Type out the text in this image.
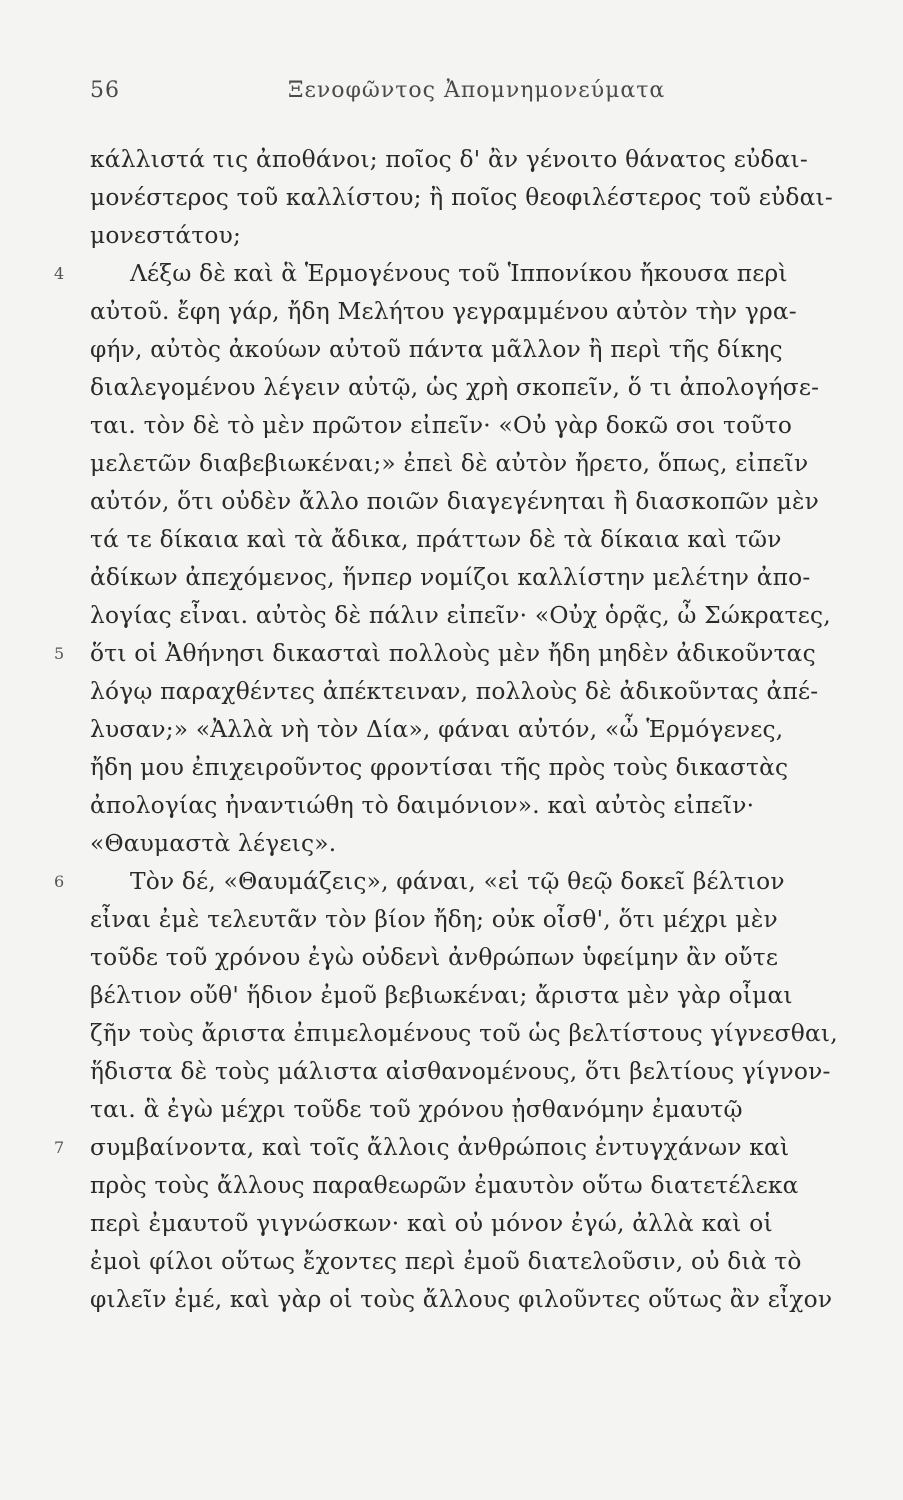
56	Ξενοφῶντος Ἀπομνημονεύματα
4
5
6
7
κάλλιστά τις ἀποθάνοι; ποῖος δ' ἂν γένοιτο θάνατος εὐδαι-
μονέστερος τοῦ καλλίστου; ἢ ποῖος θεοφιλέστερος τοῦ εὐδαι-
μονεστάτου;
Λέξω δὲ καὶ ἃ Ἑρμογένους τοῦ Ἱππονίκου ἤκουσα περὶ
αὐτοῦ. ἔφη γάρ, ἤδη Μελήτου γεγραμμένου αὐτὸν τὴν γρα-
φήν, αὐτὸς ἀκούων αὐτοῦ πάντα μᾶλλον ἢ περὶ τῆς δίκης
διαλεγομένου λέγειν αὐτῷ, ὡς χρὴ σκοπεῖν, ὅ τι ἀπολογήσε-
ται. τὸν δὲ τὸ μὲν πρῶτον εἰπεῖν· «Οὐ γὰρ δοκῶ σοι τοῦτο
μελετῶν διαβεβιωκέναι;» ἐπεὶ δὲ αὐτὸν ἤρετο, ὅπως, εἰπεῖν
αὐτόν, ὅτι οὐδὲν ἄλλο ποιῶν διαγεγένηται ἢ διασκοπῶν μὲν
τά τε δίκαια καὶ τὰ ἄδικα, πράττων δὲ τὰ δίκαια καὶ τῶν
ἀδίκων ἀπεχόμενος, ἥνπερ νομίζοι καλλίστην μελέτην ἀπο-
λογίας εἶναι. αὐτὸς δὲ πάλιν εἰπεῖν· «Οὐχ ὁρᾷς, ὦ Σώκρατες,
ὅτι οἱ Ἀθήνησι δικασταὶ πολλοὺς μὲν ἤδη μηδὲν ἀδικοῦντας
λόγῳ παραχθέντες ἀπέκτειναν, πολλοὺς δὲ ἀδικοῦντας ἀπέ-
λυσαν;» «Ἀλλὰ νὴ τὸν Δία», φάναι αὐτόν, «ὦ Ἑρμόγενες,
ἤδη μου ἐπιχειροῦντος φροντίσαι τῆς πρὸς τοὺς δικαστὰς
ἀπολογίας ἠναντιώθη τὸ δαιμόνιον». καὶ αὐτὸς εἰπεῖν·
«Θαυμαστὰ λέγεις».
Τὸν δέ, «Θαυμάζεις», φάναι, «εἰ τῷ θεῷ δοκεῖ βέλτιον
εἶναι ἐμὲ τελευτᾶν τὸν βίον ἤδη; οὐκ οἶσθ', ὅτι μέχρι μὲν
τοῦδε τοῦ χρόνου ἐγὼ οὐδενὶ ἀνθρώπων ὑφείμην ἂν οὔτε
βέλτιον οὔθ' ἥδιον ἐμοῦ βεβιωκέναι; ἄριστα μὲν γὰρ οἶμαι
ζῆν τοὺς ἄριστα ἐπιμελομένους τοῦ ὡς βελτίστους γίγνεσθαι,
ἥδιστα δὲ τοὺς μάλιστα αἰσθανομένους, ὅτι βελτίους γίγνον-
ται. ἃ ἐγὼ μέχρι τοῦδε τοῦ χρόνου ᾐσθανόμην ἐμαυτῷ
συμβαίνοντα, καὶ τοῖς ἄλλοις ἀνθρώποις ἐντυγχάνων καὶ
πρὸς τοὺς ἄλλους παραθεωρῶν ἐμαυτὸν οὕτω διατετέλεκα
περὶ ἐμαυτοῦ γιγνώσκων· καὶ οὐ μόνον ἐγώ, ἀλλὰ καὶ οἱ
ἐμοὶ φίλοι οὕτως ἔχοντες περὶ ἐμοῦ διατελοῦσιν, οὐ διὰ τὸ
φιλεῖν ἐμέ, καὶ γὰρ οἱ τοὺς ἄλλους φιλοῦντες οὕτως ἂν εἶχον
